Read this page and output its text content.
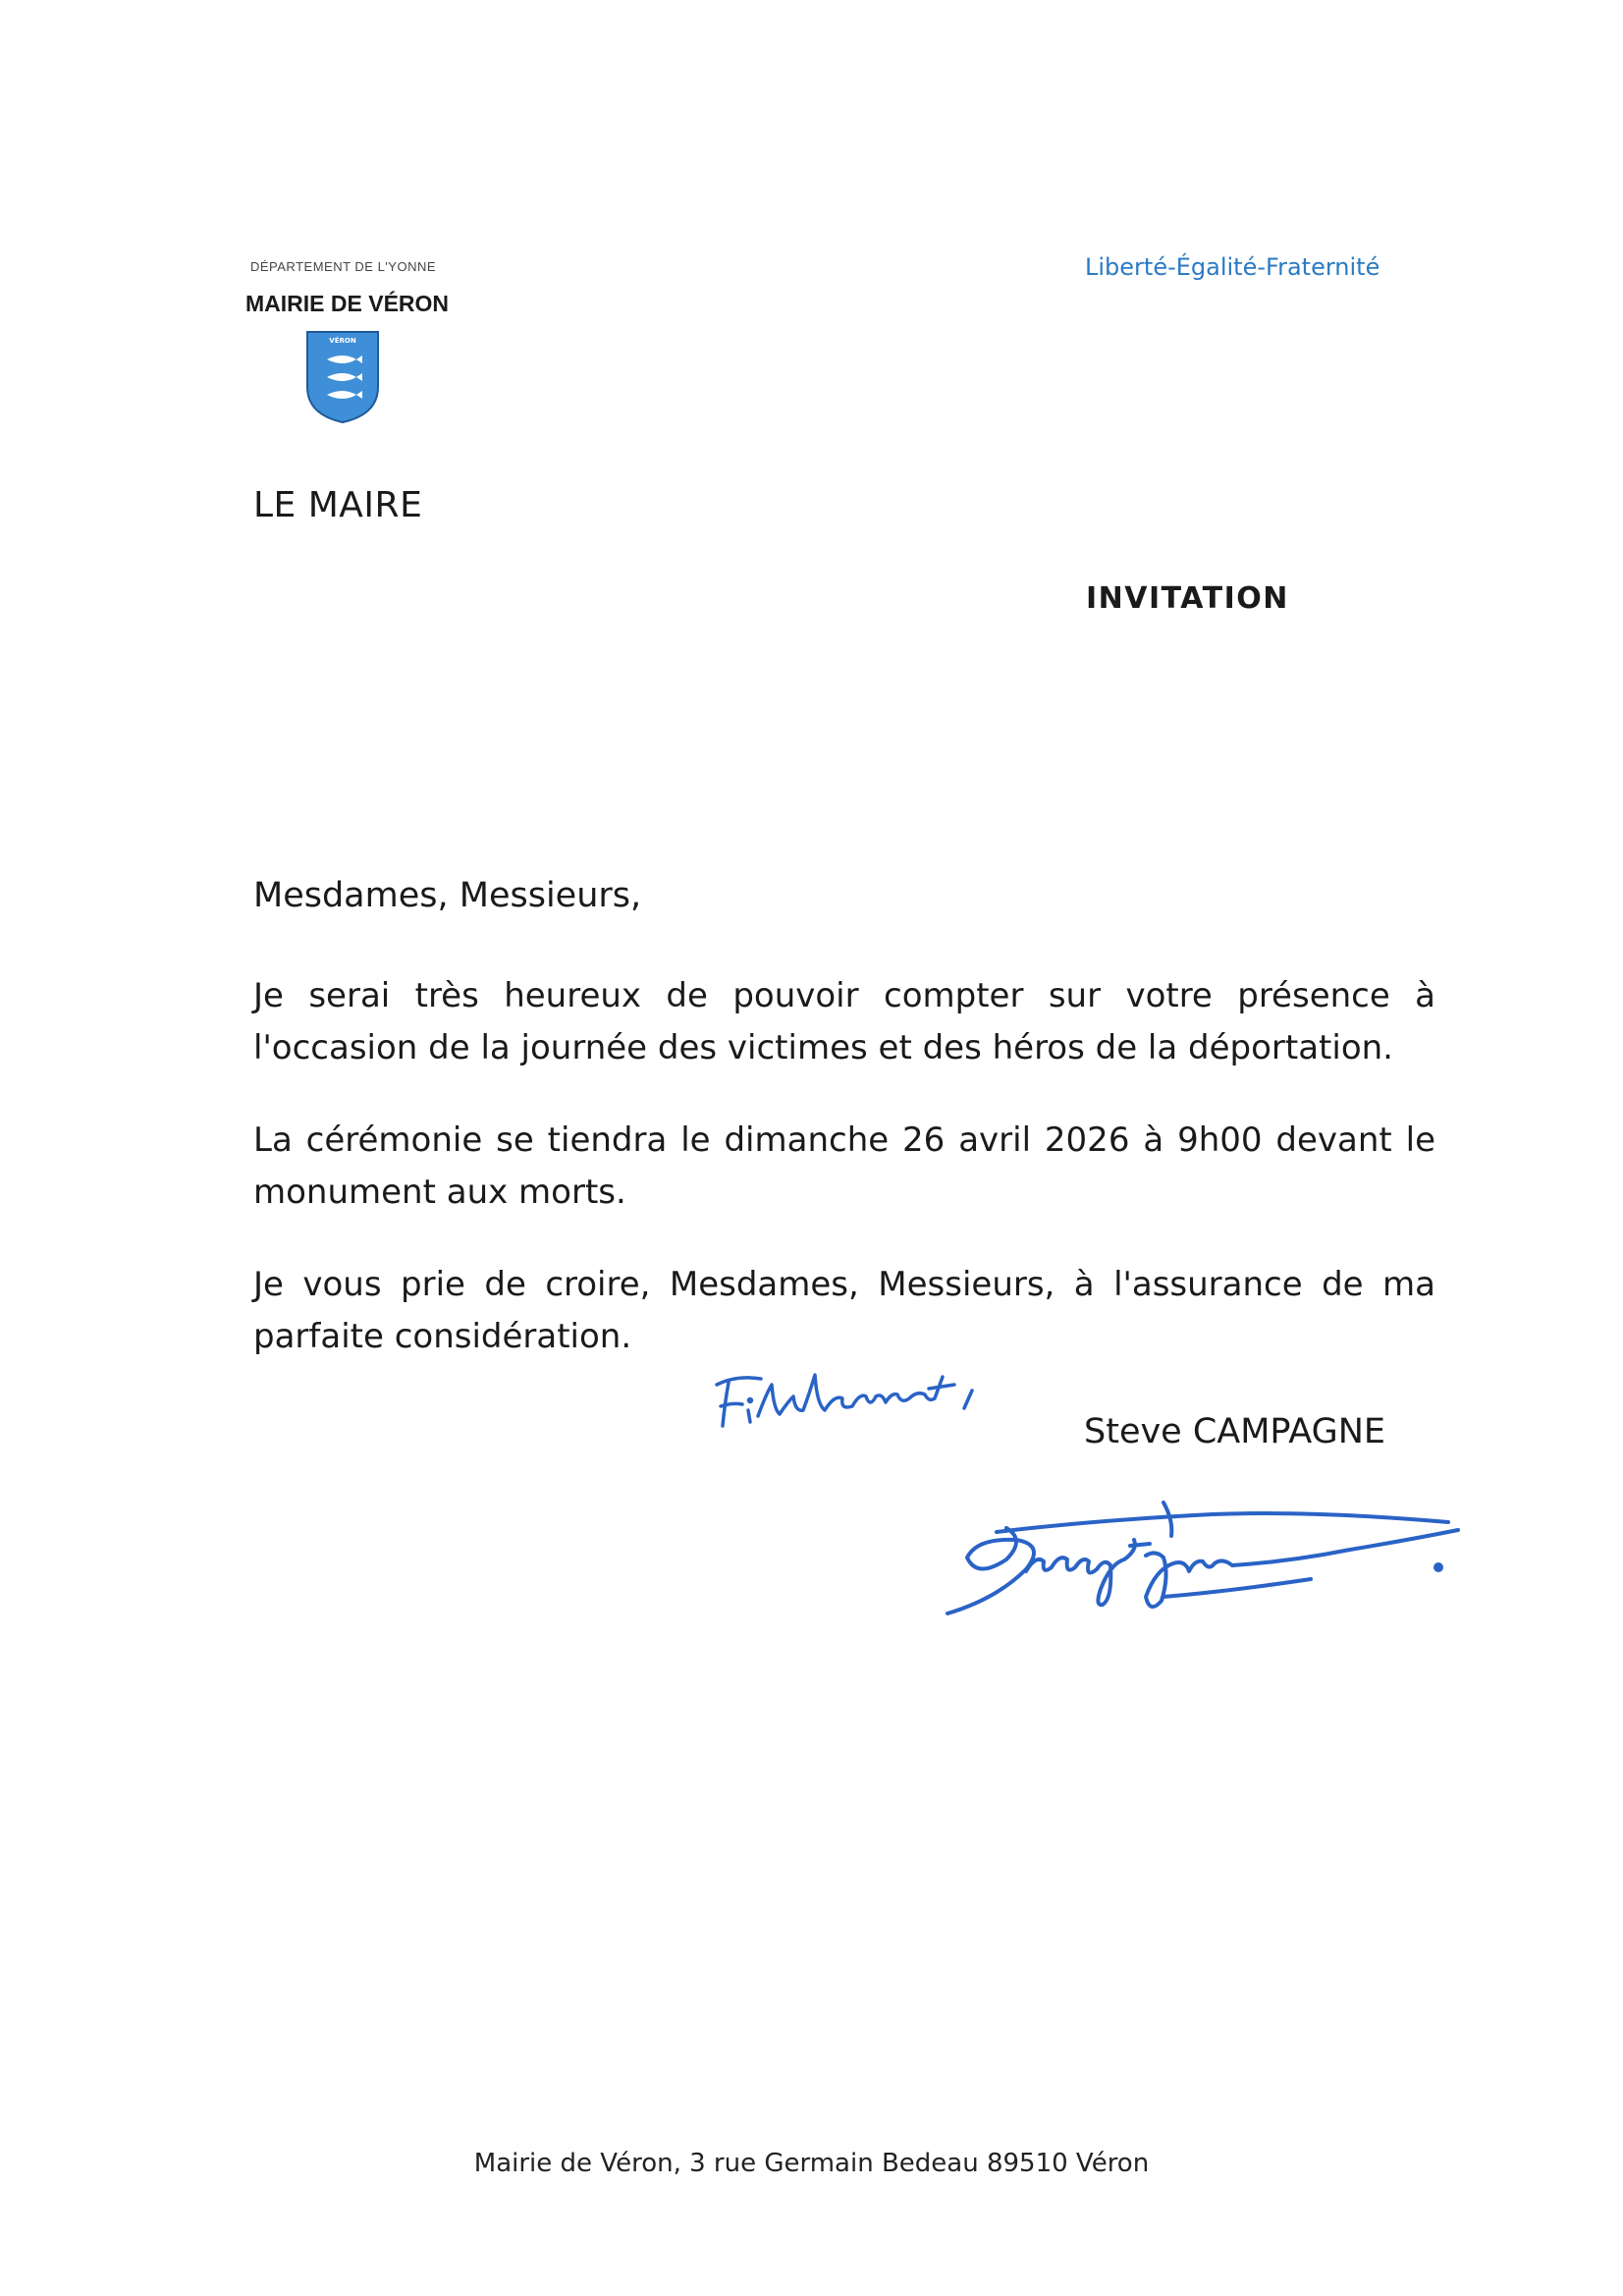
DÉPARTEMENT DE L'YONNE
MAIRIE DE VÉRON
VÉRON
Liberté-Égalité-Fraternité
LE MAIRE
INVITATION
Mesdames, Messieurs,
Je serai très heureux de pouvoir compter sur votre présence à l'occasion de la journée des victimes et des héros de la déportation.
La cérémonie se tiendra le dimanche 26 avril 2026 à 9h00 devant le monument aux morts.
Je vous prie de croire, Mesdames, Messieurs, à l'assurance de ma parfaite considération.
Steve CAMPAGNE
Mairie de Véron, 3 rue Germain Bedeau 89510 Véron
